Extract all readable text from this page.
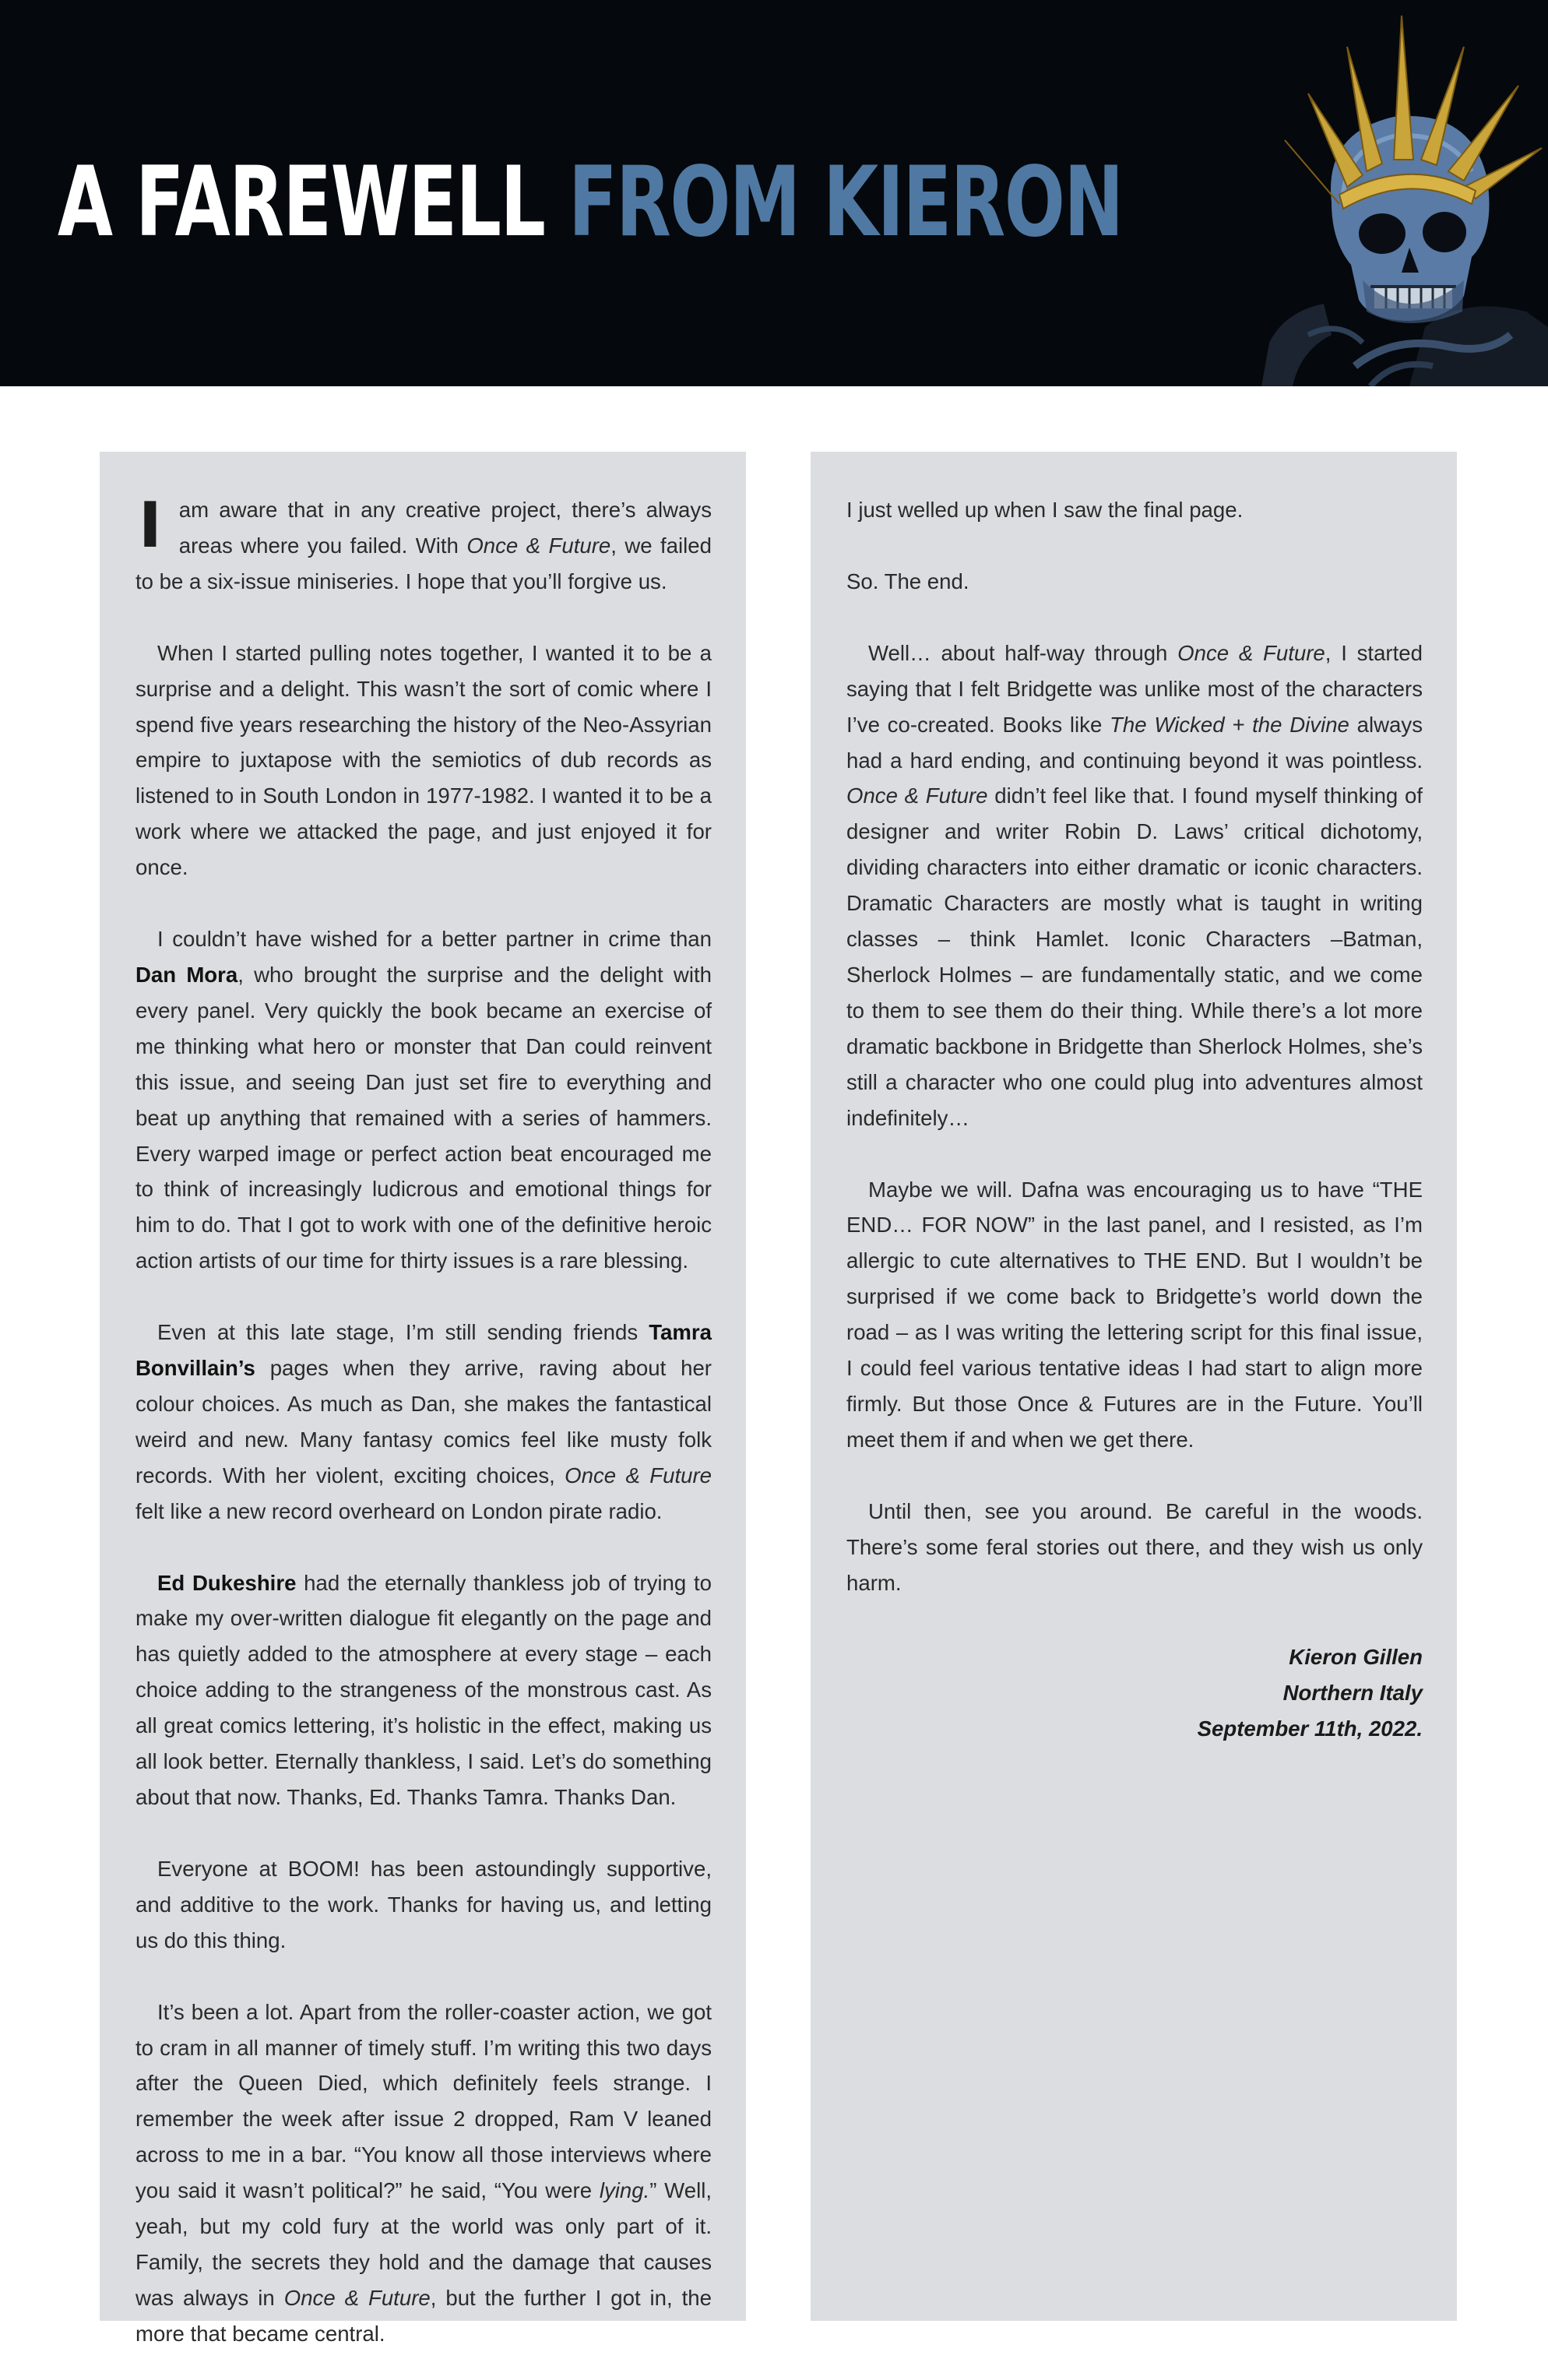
A FAREWELL FROM KIERON

I am aware that in any creative project, there’s always areas where you failed. With Once & Future, we failed to be a six-issue miniseries. I hope that you’ll forgive us.

When I started pulling notes together, I wanted it to be a surprise and a delight. This wasn’t the sort of comic where I spend five years researching the history of the Neo-Assyrian empire to juxtapose with the semiotics of dub records as listened to in South London in 1977-1982. I wanted it to be a work where we attacked the page, and just enjoyed it for once.

I couldn’t have wished for a better partner in crime than Dan Mora, who brought the surprise and the delight with every panel. Very quickly the book became an exercise of me thinking what hero or monster that Dan could reinvent this issue, and seeing Dan just set fire to everything and beat up anything that remained with a series of hammers. Every warped image or perfect action beat encouraged me to think of increasingly ludicrous and emotional things for him to do. That I got to work with one of the definitive heroic action artists of our time for thirty issues is a rare blessing.

Even at this late stage, I’m still sending friends Tamra Bonvillain’s pages when they arrive, raving about her colour choices. As much as Dan, she makes the fantastical weird and new. Many fantasy comics feel like musty folk records. With her violent, exciting choices, Once & Future felt like a new record overheard on London pirate radio.

Ed Dukeshire had the eternally thankless job of trying to make my over-written dialogue fit elegantly on the page and has quietly added to the atmosphere at every stage – each choice adding to the strangeness of the monstrous cast. As all great comics lettering, it’s holistic in the effect, making us all look better. Eternally thankless, I said. Let’s do something about that now. Thanks, Ed. Thanks Tamra. Thanks Dan.

Everyone at BOOM! has been astoundingly supportive, and additive to the work. Thanks for having us, and letting us do this thing.

It’s been a lot. Apart from the roller-coaster action, we got to cram in all manner of timely stuff. I’m writing this two days after the Queen Died, which definitely feels strange. I remember the week after issue 2 dropped, Ram V leaned across to me in a bar. “You know all those interviews where you said it wasn’t political?” he said, “You were lying.” Well, yeah, but my cold fury at the world was only part of it. Family, the secrets they hold and the damage that causes was always in Once & Future, but the further I got in, the more that became central.

I just welled up when I saw the final page.

So. The end.

Well… about half-way through Once & Future, I started saying that I felt Bridgette was unlike most of the characters I’ve co-created. Books like The Wicked + the Divine always had a hard ending, and continuing beyond it was pointless. Once & Future didn’t feel like that. I found myself thinking of designer and writer Robin D. Laws’ critical dichotomy, dividing characters into either dramatic or iconic characters. Dramatic Characters are mostly what is taught in writing classes – think Hamlet. Iconic Characters –Batman, Sherlock Holmes – are fundamentally static, and we come to them to see them do their thing. While there’s a lot more dramatic backbone in Bridgette than Sherlock Holmes, she’s still a character who one could plug into adventures almost indefinitely…

Maybe we will. Dafna was encouraging us to have “THE END… FOR NOW” in the last panel, and I resisted, as I’m allergic to cute alternatives to THE END. But I wouldn’t be surprised if we come back to Bridgette’s world down the road – as I was writing the lettering script for this final issue, I could feel various tentative ideas I had start to align more firmly. But those Once & Futures are in the Future. You’ll meet them if and when we get there.

Until then, see you around. Be careful in the woods. There’s some feral stories out there, and they wish us only harm.

Kieron Gillen
Northern Italy
September 11th, 2022.
